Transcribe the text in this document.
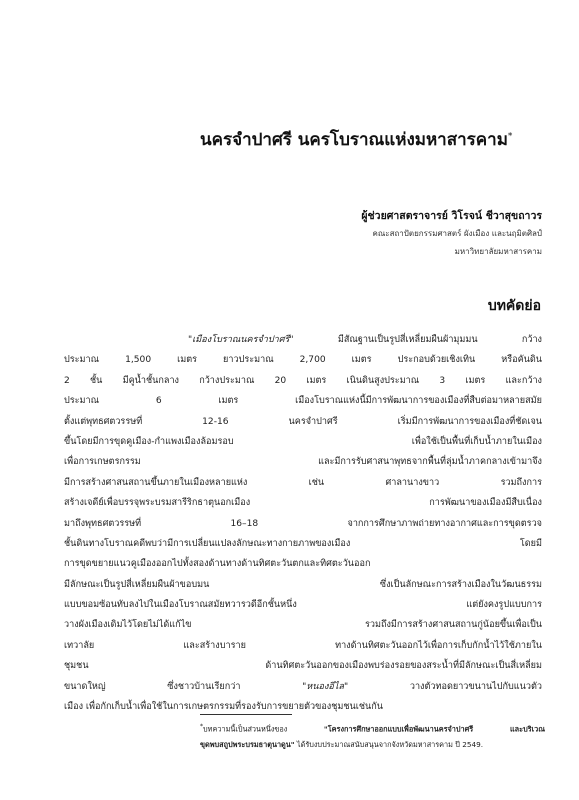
นครจำปาศรี นครโบราณแห่งมหาสารคาม*
ผู้ช่วยศาสตราจารย์ วิโรจน์ ชีวาสุขถาวร
คณะสถาปัตยกรรมศาสตร์ ผังเมือง และนฤมิตศิลป์
มหาวิทยาลัยมหาสารคาม
บทคัดย่อ
"เมืองโบราณนครจำปาศรี" มีสัณฐานเป็นรูปสี่เหลี่ยมผืนผ้ามุมมน กว้าง
ประมาณ 1,500 เมตร ยาวประมาณ 2,700 เมตร ประกอบด้วยเชิงเทิน หรือคันดิน
2 ชั้น มีคูน้ำชั้นกลาง กว้างประมาณ 20 เมตร เนินดินสูงประมาณ 3 เมตร และกว้าง
ประมาณ 6 เมตร เมืองโบราณแห่งนี้มีการพัฒนาการของเมืองที่สืบต่อมาหลายสมัย
ตั้งแต่พุทธศตวรรษที่ 12-16 นครจำปาศรี เริ่มมีการพัฒนาการของเมืองที่ชัดเจน
ขึ้นโดยมีการขุดคูเมือง-กำแพงเมืองล้อมรอบ เพื่อใช้เป็นพื้นที่เก็บน้ำภายในเมือง
เพื่อการเกษตรกรรม และมีการรับศาสนาพุทธจากพื้นที่ลุ่มน้ำภาคกลางเข้ามาจึง
มีการสร้างศาสนสถานขึ้นภายในเมืองหลายแห่ง เช่น ศาลานางขาว รวมถึงการ
สร้างเจดีย์เพื่อบรรจุพระบรมสารีริกธาตุนอกเมือง การพัฒนาของเมืองมีสืบเนื่อง
มาถึงพุทธศตวรรษที่ 16–18 จากการศึกษาภาพถ่ายทางอากาศและการขุดตรวจ
ชั้นดินทางโบราณคดีพบว่ามีการเปลี่ยนแปลงลักษณะทางกายภาพของเมือง โดยมี
การขุดขยายแนวคูเมืองออกไปทั้งสองด้านทางด้านทิศตะวันตกและทิศตะวันออก
มีลักษณะเป็นรูปสี่เหลี่ยมผืนผ้าขอบมน ซึ่งเป็นลักษณะการสร้างเมืองในวัฒนธรรม
แบบขอมซ้อนทับลงไปในเมืองโบราณสมัยทวารวดีอีกชั้นหนึ่ง แต่ยังคงรูปแบบการ
วางผังเมืองเดิมไว้โดยไม่ได้แก้ไข รวมถึงมีการสร้างศาสนสถานกู่น้อยขึ้นเพื่อเป็น
เทวาลัย และสร้างบาราย ทางด้านทิศตะวันออกไว้เพื่อการเก็บกักน้ำไว้ใช้ภายใน
ชุมชน ด้านทิศตะวันออกของเมืองพบร่องรอยของสระน้ำที่มีลักษณะเป็นสี่เหลี่ยม
ขนาดใหญ่ ซึ่งชาวบ้านเรียกว่า "หนองอีไล" วางตัวทอดยาวขนานไปกับแนวตัว
เมือง เพื่อกักเก็บน้ำเพื่อใช้ในการเกษตรกรรมที่รองรับการขยายตัวของชุมชนเช่นกัน
*บทความนี้เป็นส่วนหนึ่งของ "โครงการศึกษาออกแบบเพื่อพัฒนานครจำปาศรี และบริเวณ
ขุดพบสถูปพระบรมธาตุนาดูน" ได้รับงบประมาณสนับสนุนจากจังหวัดมหาสารคาม ปี 2549.
